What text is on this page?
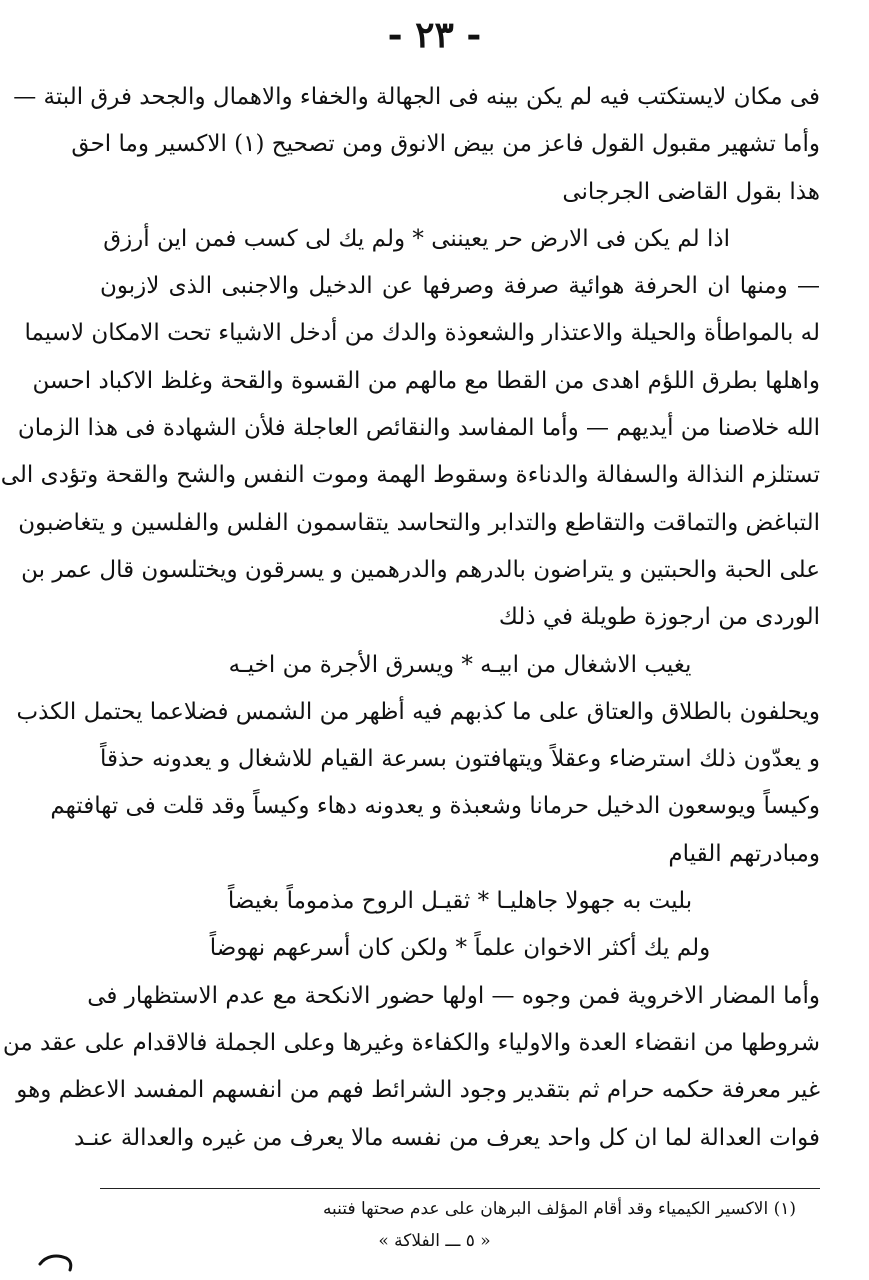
- ٢٣ -
فى مكان لايستكتب فيه لم يكن بينه فى الجهالة والخفاء والاهمال والجحد فرق البتة —
وأما تشهير مقبول القول فاعز من بيض الانوق ومن تصحيح (١) الاكسير وما احق
هذا بقول القاضى الجرجانى
اذا لم يكن فى الارض حر يعيننى * ولم يك لى كسب فمن اين أرزق
— ومنها ان الحرفة هوائية صرفة وصرفها عن الدخيل والاجنبى الذى لازبون
له بالمواطأة والحيلة والاعتذار والشعوذة والدك من أدخل الاشياء تحت الامكان لاسيما
واهلها بطرق اللؤم اهدى من القطا مع مالهم من القسوة والقحة وغلظ الاكباد احسن
الله خلاصنا من أيديهم — وأما المفاسد والنقائص العاجلة فلأن الشهادة فى هذا الزمان
تستلزم النذالة والسفالة والدناءة وسقوط الهمة وموت النفس والشح والقحة وتؤدى الى
التباغض والتماقت والتقاطع والتدابر والتحاسد يتقاسمون الفلس والفلسين و يتغاضبون
على الحبة والحبتين و يتراضون بالدرهم والدرهمين و يسرقون ويختلسون قال عمر بن
الوردى من ارجوزة طويلة في ذلك
يغيب الاشغال من ابيـه * ويسرق الأجرة من اخيـه
ويحلفون بالطلاق والعتاق على ما كذبهم فيه أظهر من الشمس فضلاعما يحتمل الكذب
و يعدّون ذلك استرضاء وعقلاً ويتهافتون بسرعة القيام للاشغال و يعدونه حذقاً
وكيساً ويوسعون الدخيل حرمانا وشعبذة و يعدونه دهاء وكيساً وقد قلت فى تهافتهم
ومبادرتهم القيام
بليت به جهولا جاهليـا * ثقيـل الروح مذموماً بغيضاً
ولم يك أكثر الاخوان علماً * ولكن كان أسرعهم نهوضاً
وأما المضار الاخروية فمن وجوه — اولها حضور الانكحة مع عدم الاستظهار فى
شروطها من انقضاء العدة والاولياء والكفاءة وغيرها وعلى الجملة فالاقدام على عقد من
غير معرفة حكمه حرام ثم بتقدير وجود الشرائط فهم من انفسهم المفسد الاعظم وهو
فوات العدالة لما ان كل واحد يعرف من نفسه مالا يعرف من غيره والعدالة عنـد
(١) الاكسير الكيمياء وقد أقام المؤلف البرهان على عدم صحتها فتنبه
« ٥ ـــ الفلاكة »
